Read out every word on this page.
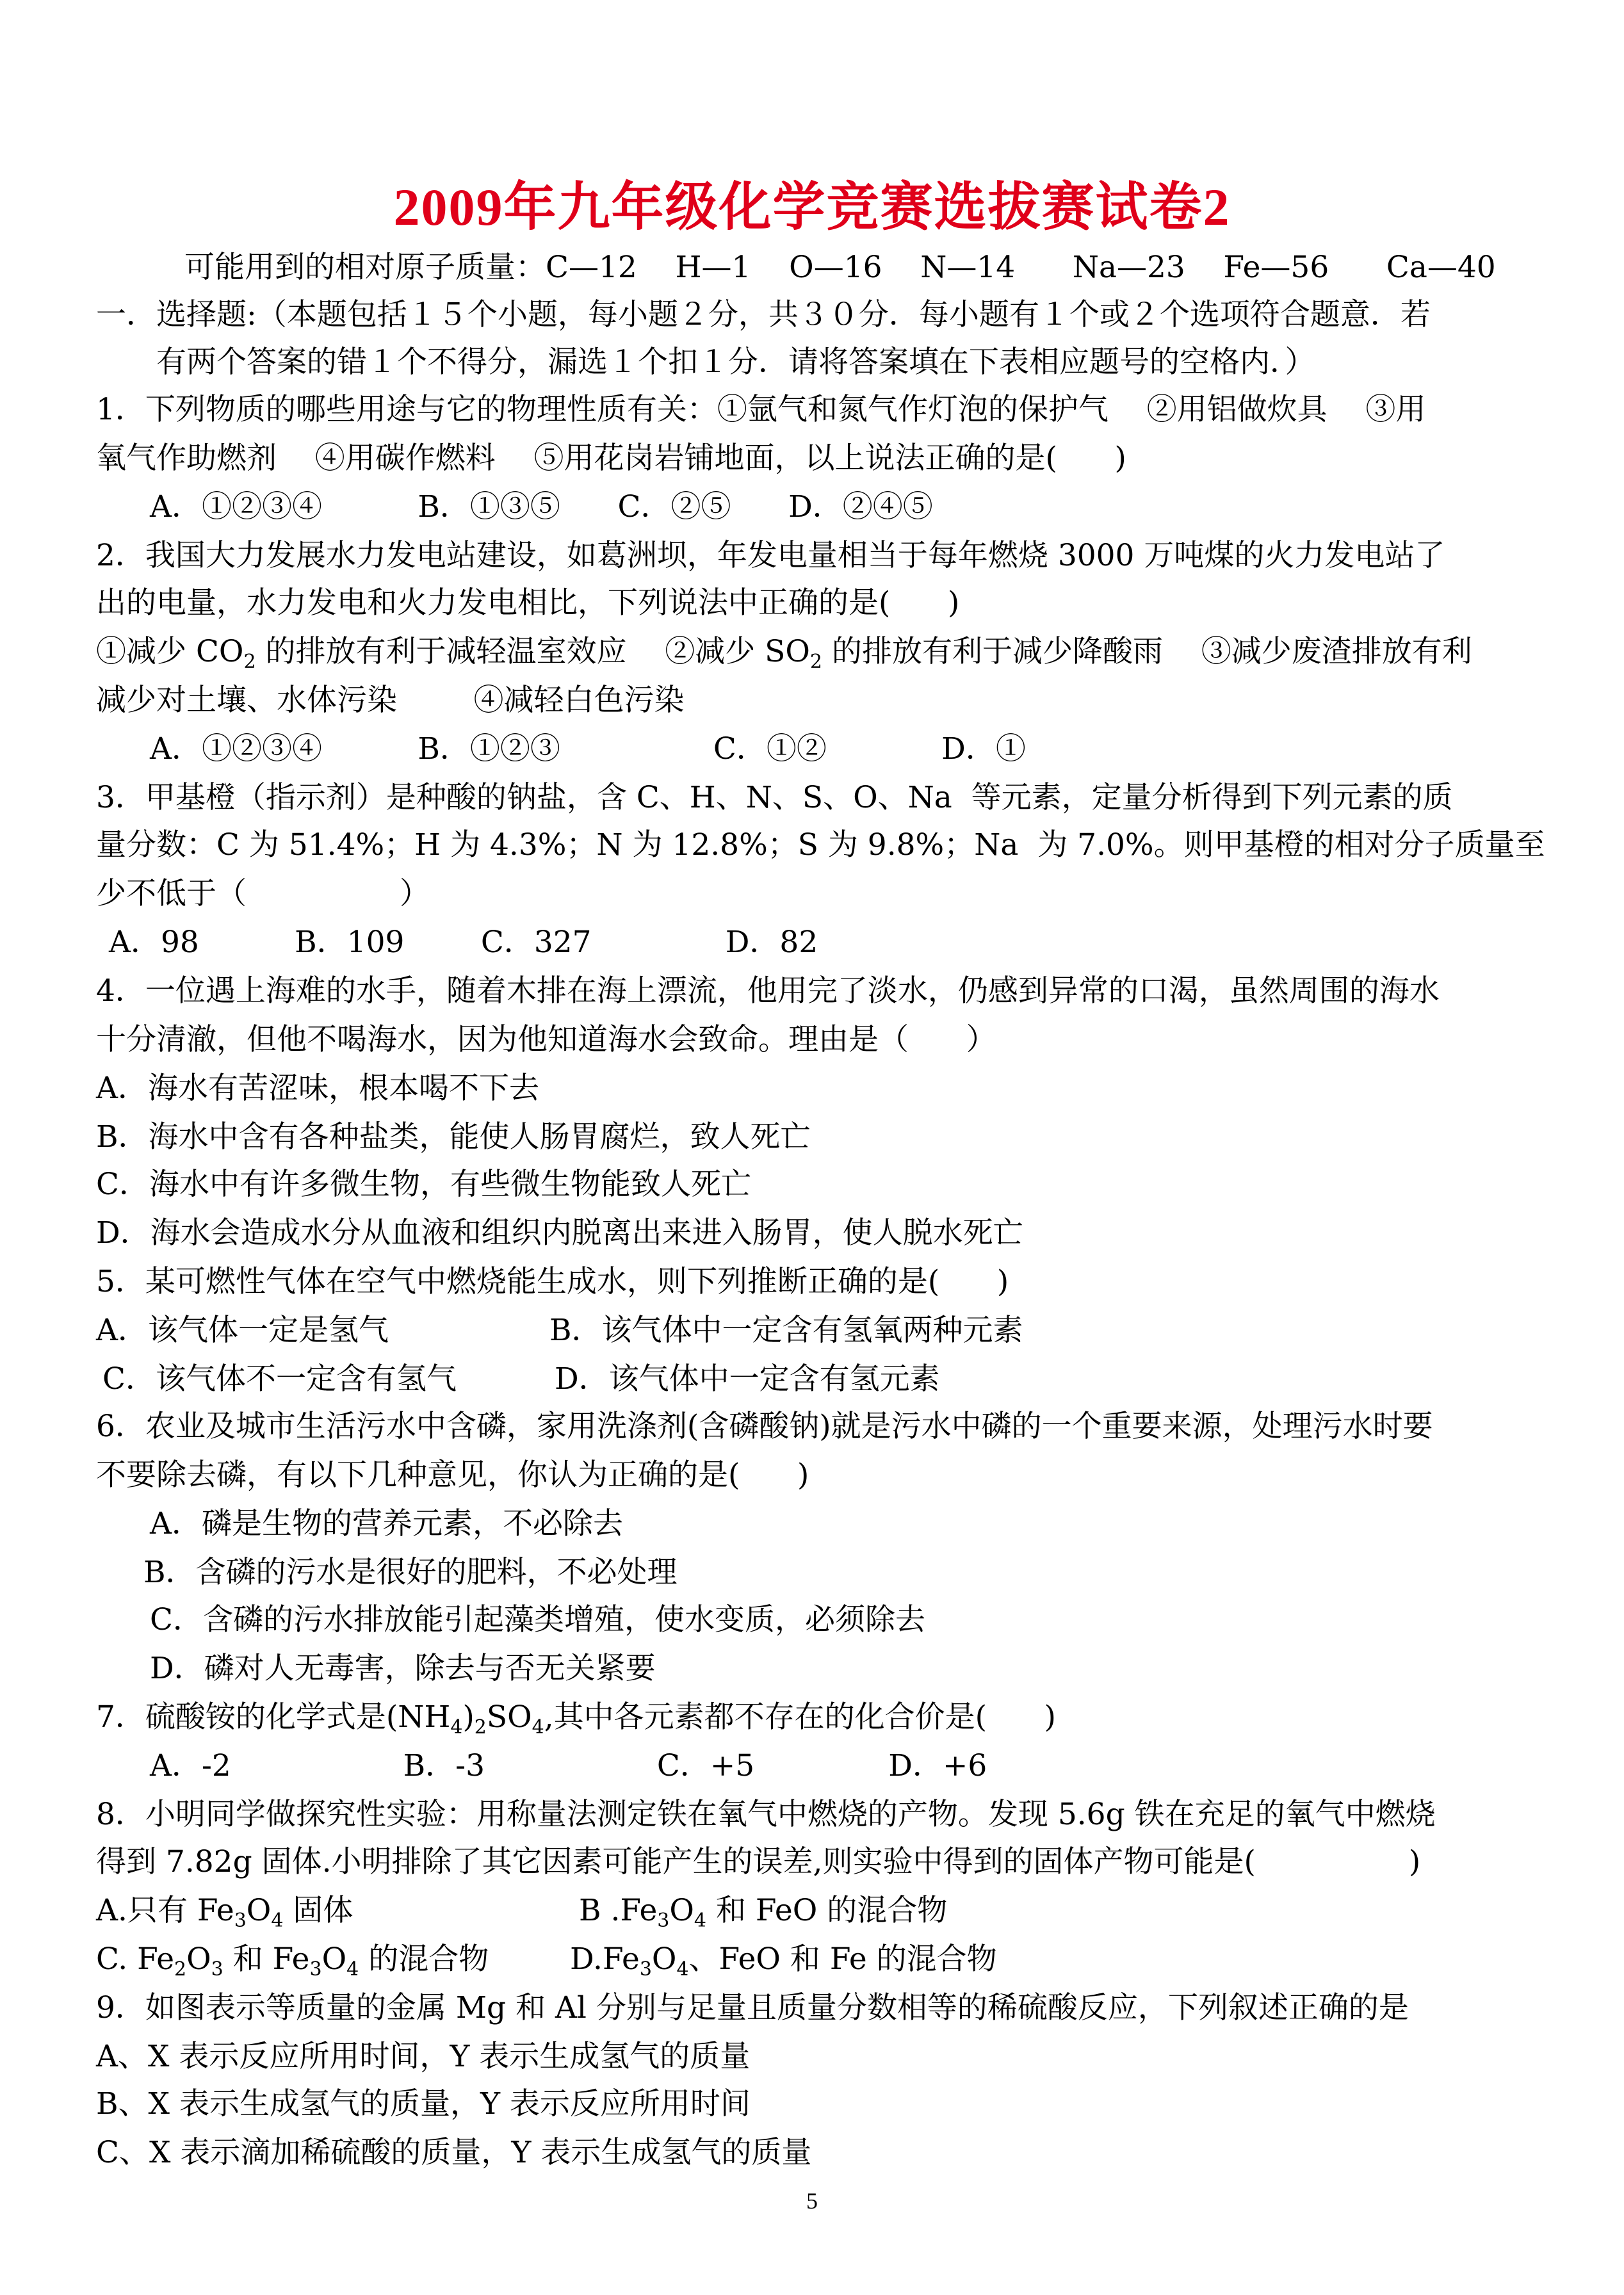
2009年九年级化学竞赛选拔赛试卷2
可能用到的相对原子质量：C—12    H—1    O—16    N—14      Na—23    Fe—56      Ca—40
一．选择题:（本题包括１５个小题，每小题２分，共３０分．每小题有１个或２个选项符合题意．若
有两个答案的错１个不得分，漏选１个扣１分．请将答案填在下表相应题号的空格内．）
1．下列物质的哪些用途与它的物理性质有关：①氩气和氮气作灯泡的保护气    ②用铝做炊具    ③用
氧气作助燃剂    ④用碳作燃料    ⑤用花岗岩铺地面，以上说法正确的是(      )
A．①②③④          B．①③⑤      C．②⑤      D．②④⑤
2．我国大力发展水力发电站建设，如葛洲坝，年发电量相当于每年燃烧 3000 万吨煤的火力发电站了
出的电量，水力发电和火力发电相比，下列说法中正确的是(      )
①减少 $CO_2$ 的排放有利于减轻温室效应    ②减少 $SO_2$ 的排放有利于减少降酸雨    ③减少废渣排放有利
减少对土壤、水体污染        ④减轻白色污染
A．①②③④          B．①②③                C．①②            D．①
3．甲基橙（指示剂）是种酸的钠盐，含 C、H、N、S、O、Na  等元素，定量分析得到下列元素的质
量分数：C 为 51.4%；H 为 4.3%；N 为 12.8%；S 为 9.8%；Na  为 7.0%。则甲基橙的相对分子质量至
少不低于（                ）
A．98          B．109        C．327              D．82
4．一位遇上海难的水手，随着木排在海上漂流，他用完了淡水，仍感到异常的口渴，虽然周围的海水
十分清澈，但他不喝海水，因为他知道海水会致命。理由是（      ）
A．海水有苦涩味，根本喝不下去
B．海水中含有各种盐类，能使人肠胃腐烂，致人死亡
C．海水中有许多微生物，有些微生物能致人死亡
D．海水会造成水分从血液和组织内脱离出来进入肠胃，使人脱水死亡
5．某可燃性气体在空气中燃烧能生成水，则下列推断正确的是(      )
A．该气体一定是氢气	B．该气体中一定含有氢氧两种元素
C．该气体不一定含有氢气	D．该气体中一定含有氢元素
6．农业及城市生活污水中含磷，家用洗涤剂(含磷酸钠)就是污水中磷的一个重要来源，处理污水时要
不要除去磷，有以下几种意见，你认为正确的是(      )
A．磷是生物的营养元素，不必除去
B．含磷的污水是很好的肥料，不必处理
C．含磷的污水排放能引起藻类增殖，使水变质，必须除去
D．磷对人无毒害，除去与否无关紧要
7．硫酸铵的化学式是$(NH_4)_2SO_4$,其中各元素都不存在的化合价是(      )
A．-2                  B．-3                  C．+5              D．+6
8．小明同学做探究性实验：用称量法测定铁在氧气中燃烧的产物。发现 5.6g 铁在充足的氧气中燃烧
得到 7.82g 固体.小明排除了其它因素可能产生的误差,则实验中得到的固体产物可能是(                )
A.只有 $Fe_3O_4$ 固体	B $.Fe_3O_4$ 和 FeO 的混合物
C. $Fe_2O_3$ 和 $Fe_3O_4$ 的混合物	$D.Fe_3O_4$、FeO 和 Fe 的混合物
9．如图表示等质量的金属 Mg 和 Al 分别与足量且质量分数相等的稀硫酸反应，下列叙述正确的是
A、X 表示反应所用时间，Y 表示生成氢气的质量
B、X 表示生成氢气的质量，Y 表示反应所用时间
C、X 表示滴加稀硫酸的质量，Y 表示生成氢气的质量
5
